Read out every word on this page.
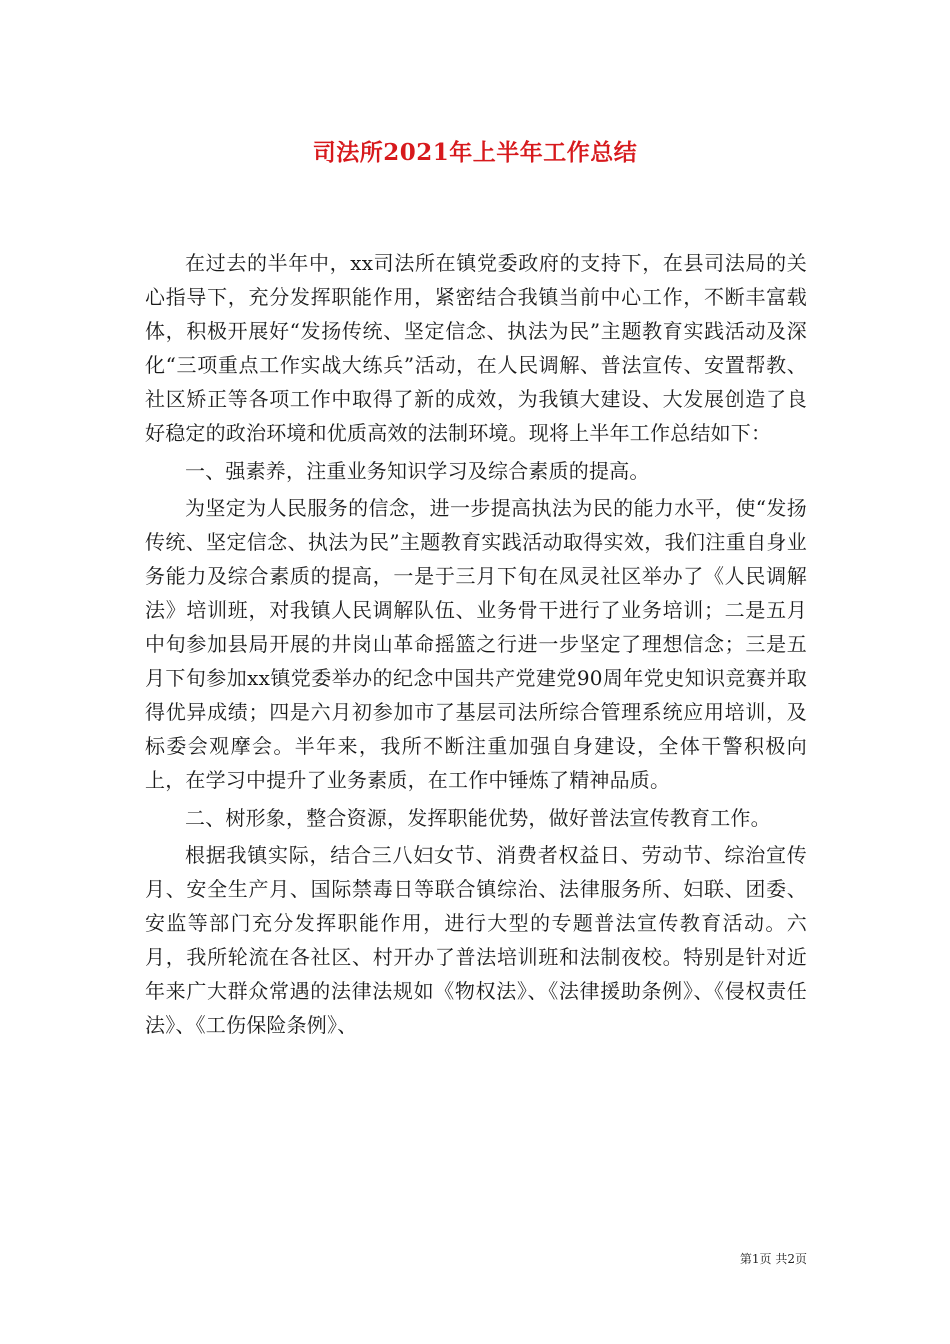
司法所2021年上半年工作总结

在过去的半年中，xx司法所在镇党委政府的支持下，在县司法局的关心指导下，充分发挥职能作用，紧密结合我镇当前中心工作，不断丰富载体，积极开展好“发扬传统、坚定信念、执法为民”主题教育实践活动及深化“三项重点工作实战大练兵”活动，在人民调解、普法宣传、安置帮教、社区矫正等各项工作中取得了新的成效，为我镇大建设、大发展创造了良好稳定的政治环境和优质高效的法制环境。现将上半年工作总结如下：

一、强素养，注重业务知识学习及综合素质的提高。

为坚定为人民服务的信念，进一步提高执法为民的能力水平，使“发扬传统、坚定信念、执法为民”主题教育实践活动取得实效，我们注重自身业务能力及综合素质的提高，一是于三月下旬在凤灵社区举办了《人民调解法》培训班，对我镇人民调解队伍、业务骨干进行了业务培训；二是五月中旬参加县局开展的井岗山革命摇篮之行进一步坚定了理想信念；三是五月下旬参加xx镇党委举办的纪念中国共产党建党90周年党史知识竞赛并取得优异成绩；四是六月初参加市了基层司法所综合管理系统应用培训，及标委会观摩会。半年来，我所不断注重加强自身建设，全体干警积极向上，在学习中提升了业务素质，在工作中锤炼了精神品质。

二、树形象，整合资源，发挥职能优势，做好普法宣传教育工作。

根据我镇实际，结合三八妇女节、消费者权益日、劳动节、综治宣传月、安全生产月、国际禁毒日等联合镇综治、法律服务所、妇联、团委、安监等部门充分发挥职能作用，进行大型的专题普法宣传教育活动。六月，我所轮流在各社区、村开办了普法培训班和法制夜校。特别是针对近年来广大群众常遇的法律法规如《物权法》、《法律援助条例》、《侵权责任法》、《工伤保险条例》、

第1页 共2页
